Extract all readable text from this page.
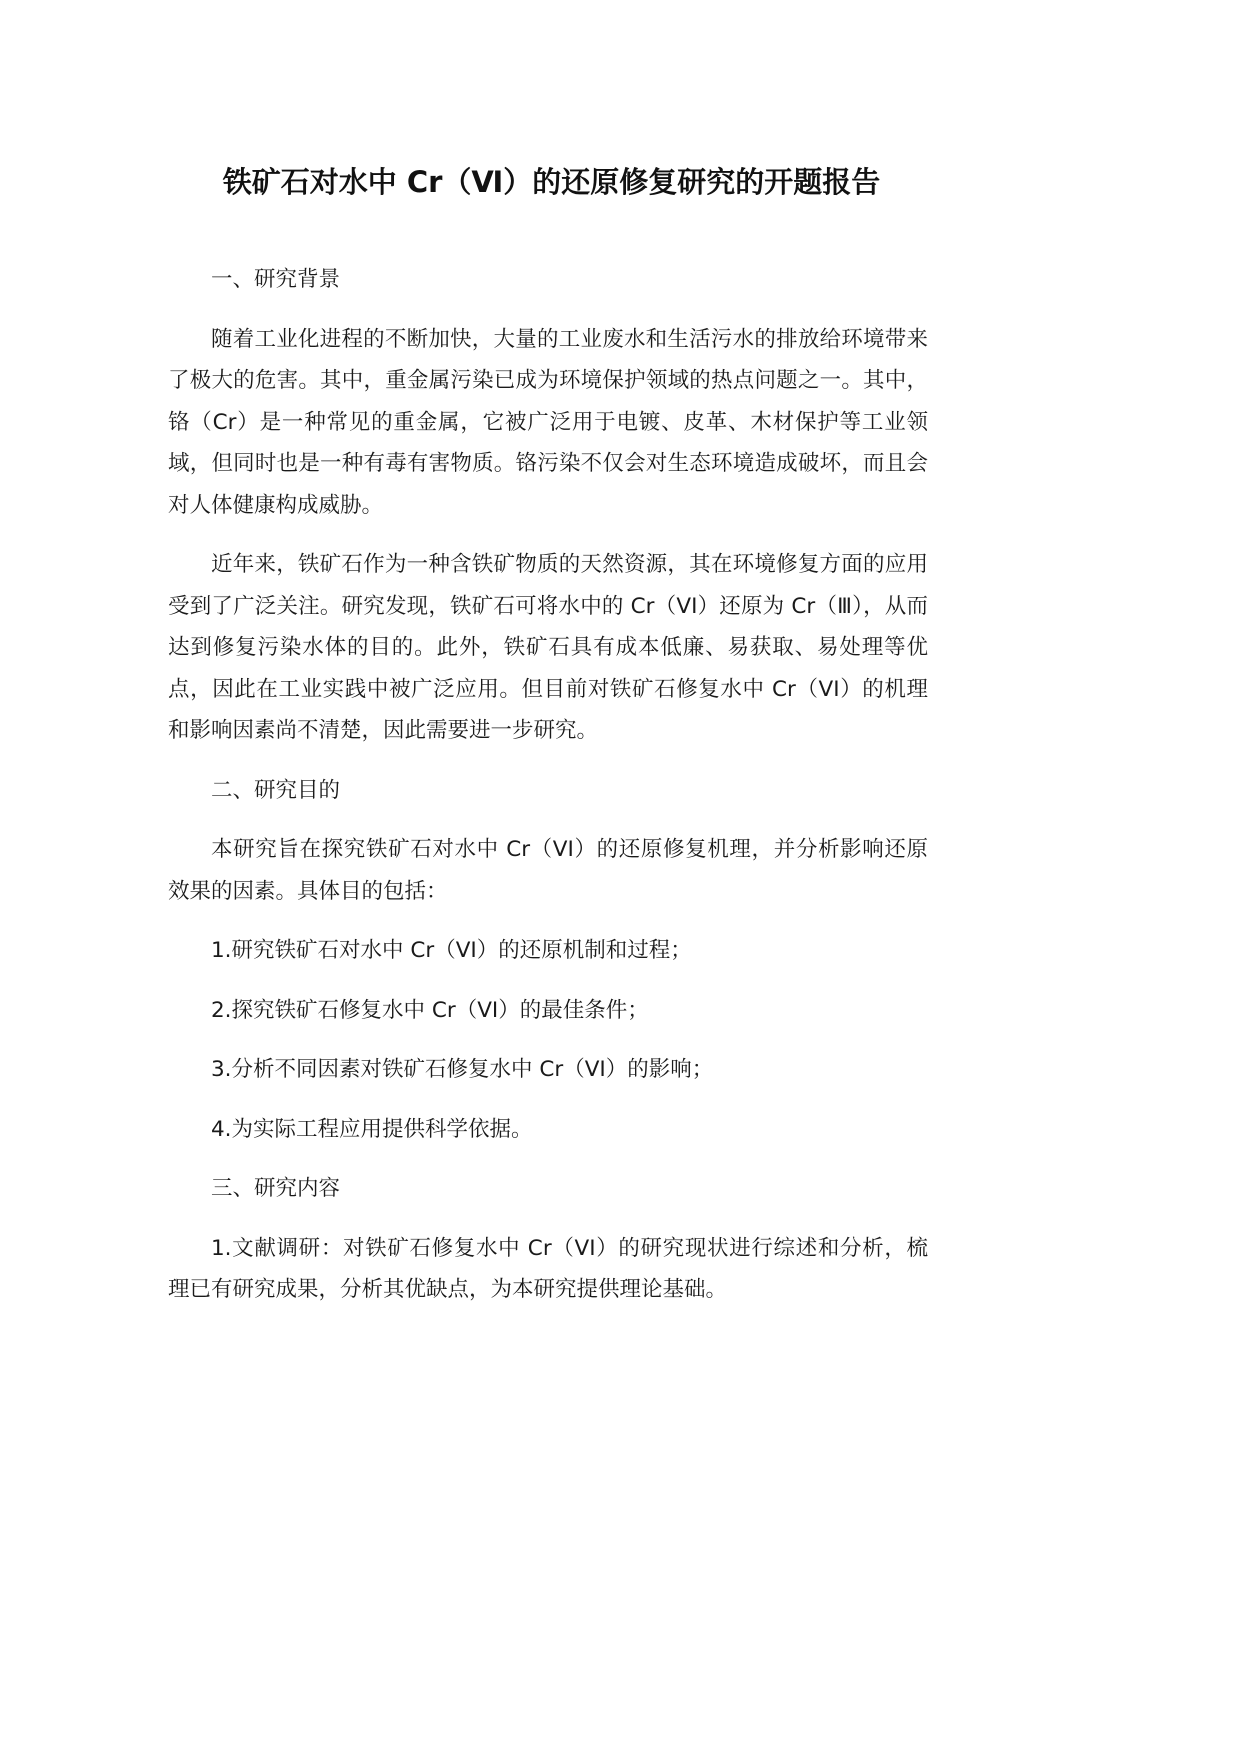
铁矿石对水中 Cr（Ⅵ）的还原修复研究的开题报告
一、研究背景

随着工业化进程的不断加快，大量的工业废水和生活污水的排放给环境带来了极大的危害。其中，重金属污染已成为环境保护领域的热点问题之一。其中，铬（Cr）是一种常见的重金属，它被广泛用于电镀、皮革、木材保护等工业领域，但同时也是一种有毒有害物质。铬污染不仅会对生态环境造成破坏，而且会对人体健康构成威胁。

近年来，铁矿石作为一种含铁矿物质的天然资源，其在环境修复方面的应用受到了广泛关注。研究发现，铁矿石可将水中的 Cr（VI）还原为 Cr（Ⅲ），从而达到修复污染水体的目的。此外，铁矿石具有成本低廉、易获取、易处理等优点，因此在工业实践中被广泛应用。但目前对铁矿石修复水中 Cr（VI）的机理和影响因素尚不清楚，因此需要进一步研究。

二、研究目的

本研究旨在探究铁矿石对水中 Cr（VI）的还原修复机理，并分析影响还原效果的因素。具体目的包括：

1.研究铁矿石对水中 Cr（VI）的还原机制和过程；
2.探究铁矿石修复水中 Cr（VI）的最佳条件；
3.分析不同因素对铁矿石修复水中 Cr（VI）的影响；
4.为实际工程应用提供科学依据。
三、研究内容

1.文献调研：对铁矿石修复水中 Cr（VI）的研究现状进行综述和分析，梳理已有研究成果，分析其优缺点，为本研究提供理论基础。
